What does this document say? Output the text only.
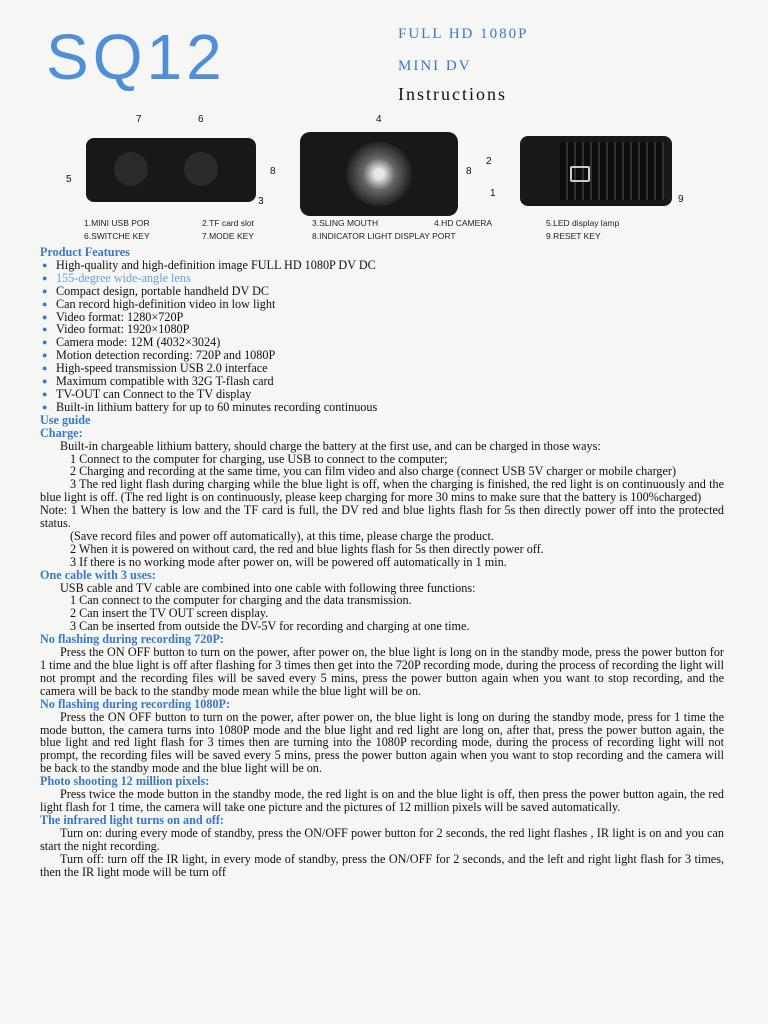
SQ12	FULL HD 1080P
MINI DV
Instructions
7	6
5
3
4
8	8
2
1
9
1.MINI USB POR	2.TF card slot	3.SLING MOUTH	4.HD CAMERA	5.LED display lamp
6.SWITCHE KEY	7.MODE KEY	8.INDICATOR LIGHT DISPLAY PORT	9.RESET KEY
Product Features
● High-quality and high-definition image FULL HD 1080P DV DC
● 155-degree wide-angle lens
● Compact design, portable handheld DV DC
● Can record high-definition video in low light
● Video format: 1280×720P
● Video format: 1920×1080P
● Camera mode: 12M (4032×3024)
● Motion detection recording: 720P and 1080P
● High-speed transmission USB 2.0 interface
● Maximum compatible with 32G T-flash card
● TV-OUT can Connect to the TV display
● Built-in lithium battery for up to 60 minutes recording continuous
Use guide
Charge:

Built-in chargeable lithium battery, should charge the battery at the first use, and can be charged in those ways:

1 Connect to the computer for charging, use USB to connect to the computer;

2 Charging and recording at the same time, you can film video and also charge (connect USB 5V charger or mobile charger)

3 The red light flash during charging while the blue light is off, when the charging is finished, the red light is on continuously and the blue light is off. (The red light is on continuously, please keep charging for more 30 mins to make sure that the battery is 100%charged)

Note: 1 When the battery is low and the TF card is full, the DV red and blue lights flash for 5s then directly power off into the protected status.

(Save record files and power off automatically), at this time, please charge the product.

2 When it is powered on without card, the red and blue lights flash for 5s then directly power off.

3 If there is no working mode after power on, will be powered off automatically in 1 min.

One cable with 3 uses:

USB cable and TV cable are combined into one cable with following three functions:

1 Can connect to the computer for charging and the data transmission.

2 Can insert the TV OUT screen display.

3 Can be inserted from outside the DV-5V for recording and charging at one time.

No flashing during recording 720P:

Press the ON OFF button to turn on the power, after power on, the blue light is long on in the standby mode, press the power button for 1 time and the blue light is off after flashing for 3 times then get into the 720P recording mode, during the process of recording the light will not prompt and the recording files will be saved every 5 mins, press the power button again when you want to stop recording, and the camera will be back to the standby mode mean while the blue light will be on.

No flashing during recording 1080P:

Press the ON OFF button to turn on the power, after power on, the blue light is long on during the standby mode, press for 1 time the mode button, the camera turns into 1080P mode and the blue light and red light are long on, after that, press the power button again, the blue light and red light flash for 3 times then are turning into the 1080P recording mode, during the process of recording light will not prompt, the recording files will be saved every 5 mins, press the power button again when you want to stop recording and the camera will be back to the standby mode and the blue light will be on.

Photo shooting 12 million pixels:

Press twice the mode button in the standby mode, the red light is on and the blue light is off, then press the power button again, the red light flash for 1 time, the camera will take one picture and the pictures of 12 million pixels will be saved automatically.

The infrared light turns on and off:

Turn on: during every mode of standby, press the ON/OFF power button for 2 seconds, the red light flashes , IR light is on and you can start the night recording.

Turn off: turn off the IR light, in every mode of standby, press the ON/OFF for 2 seconds, and the left and right light flash for 3 times, then the IR light mode will be turn off
